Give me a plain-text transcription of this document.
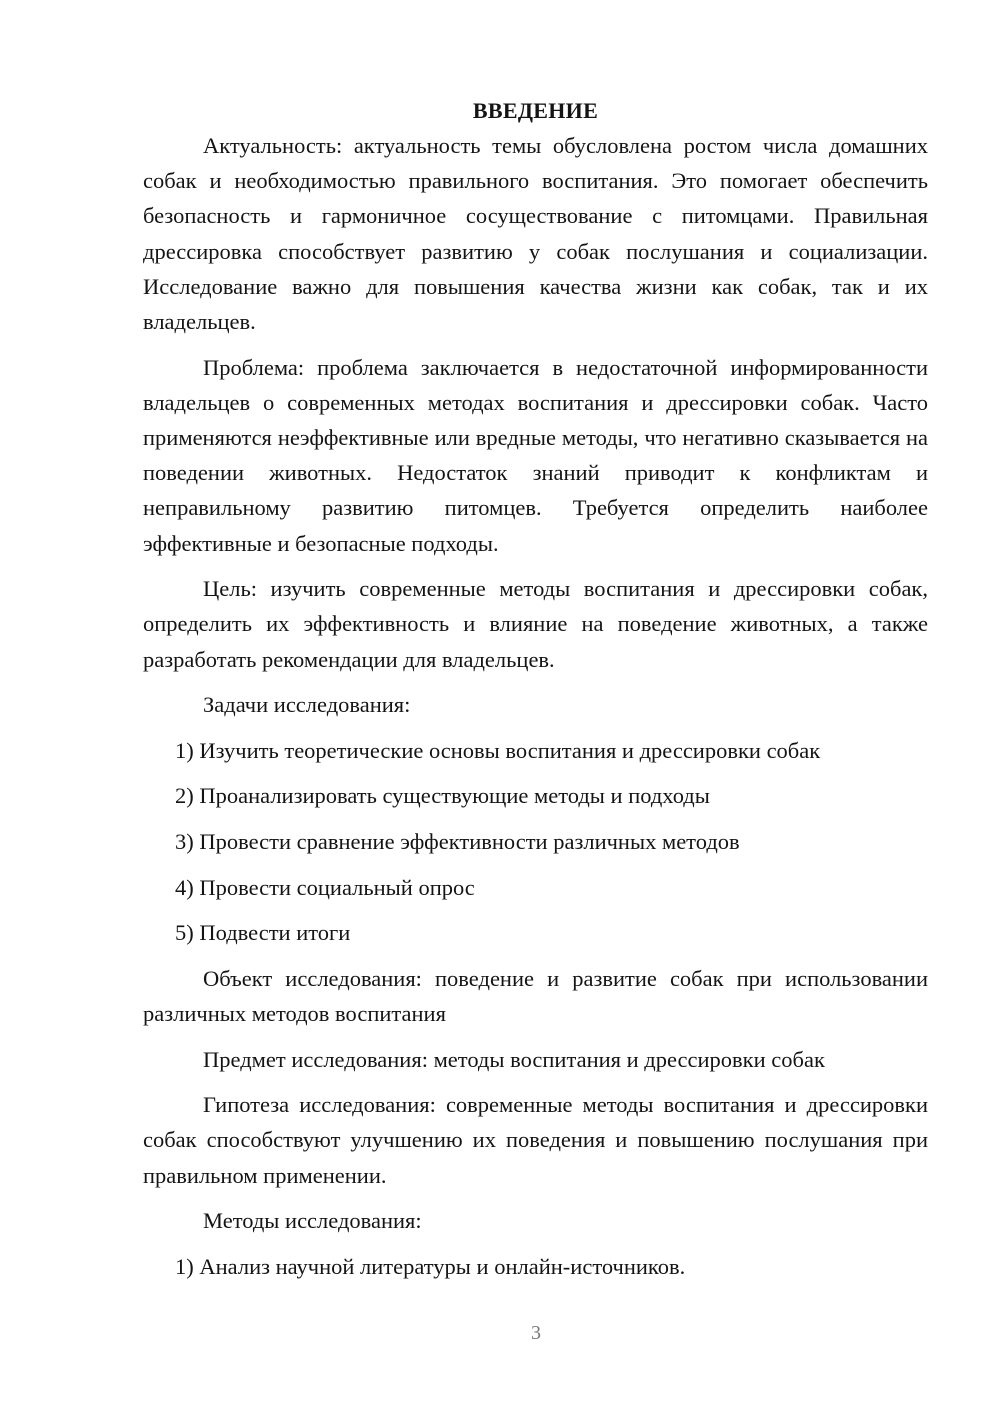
ВВЕДЕНИЕ

Актуальность: актуальность темы обусловлена ростом числа домашних собак и необходимостью правильного воспитания. Это помогает обеспечить безопасность и гармоничное сосуществование с питомцами. Правильная дрессировка способствует развитию у собак послушания и социализации. Исследование важно для повышения качества жизни как собак, так и их владельцев.

Проблема: проблема заключается в недостаточной информированности владельцев о современных методах воспитания и дрессировки собак. Часто применяются неэффективные или вредные методы, что негативно сказывается на поведении животных. Недостаток знаний приводит к конфликтам и неправильному развитию питомцев. Требуется определить наиболее эффективные и безопасные подходы.

Цель: изучить современные методы воспитания и дрессировки собак, определить их эффективность и влияние на поведение животных, а также разработать рекомендации для владельцев.

Задачи исследования:

1) Изучить теоретические основы воспитания и дрессировки собак

2) Проанализировать существующие методы и подходы

3) Провести сравнение эффективности различных методов

4) Провести социальный опрос

5) Подвести итоги

Объект исследования: поведение и развитие собак при использовании различных методов воспитания

Предмет исследования: методы воспитания и дрессировки собак

Гипотеза исследования: современные методы воспитания и дрессировки собак способствуют улучшению их поведения и повышению послушания при правильном применении.

Методы исследования:

1) Анализ научной литературы и онлайн-источников.

3
